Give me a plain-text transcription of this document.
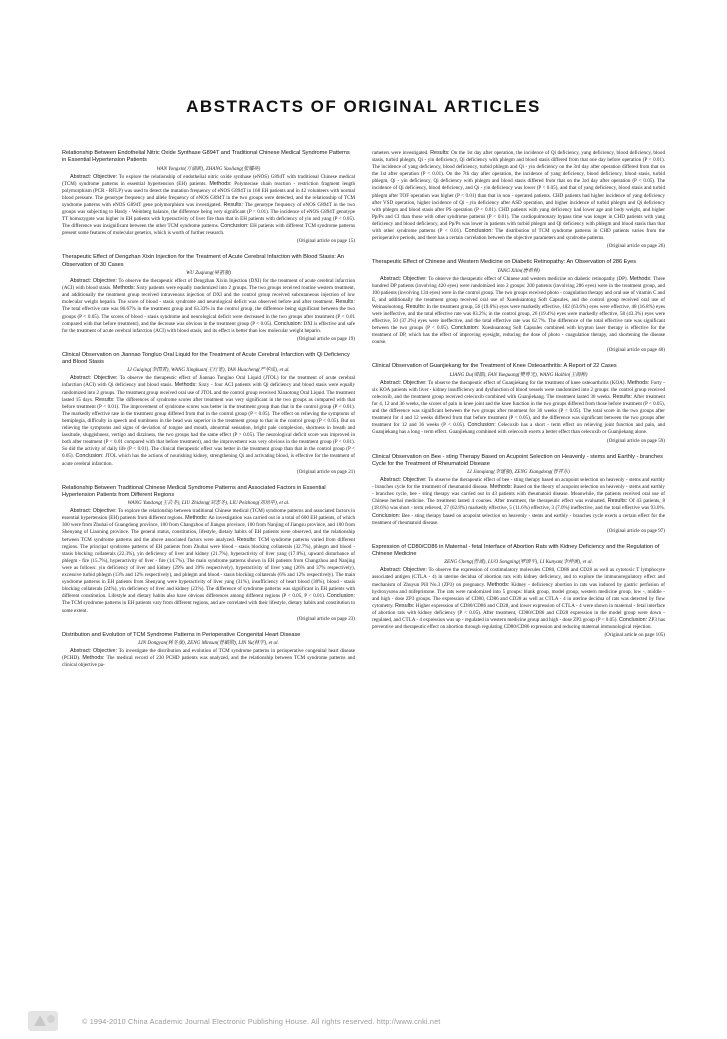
ABSTRACTS OF ORIGINAL ARTICLES
Relationship Between Endothelial Nitric Oxide Synthase G894T and Traditional Chinese Medical Syndrome Patterns in Essential Hypertension Patients
WAN Yongxin(万涌新), ZHANG Yaoliang(张耀亮)

Abstract: Objective: To explore the relationship of endothelial nitric oxide synthase (eNOS) G894T with traditional Chinese medical (TCM) syndrome patterns in essential hypertension (EH) patients. Methods: Polymerase chain reaction - restriction fragment length polymorphism (PCR - RFLP) was used to detect the mutation frequency of eNOS G894T in 168 EH patients and in 42 volunteers with normal blood pressure. The genotype frequency and allele frequency of eNOS G894T in the two groups were detected, and the relationship of TCM syndrome patterns with eNOS G894T gene polymorphism was investigated. Results: The genotype frequency of eNOS G894T in the two groups was subjecting to Hardy - Weinberg balance, the difference being very significant (P < 0.01). The incidence of eNOS G894T genotype TT homozygote was higher in EH patients with hyperactivity of liver fire than that in EH patients with deficiency of yin and yang (P < 0.05). The difference was insignificant between the other TCM syndrome patterns. Conclusion: EH patients with different TCM syndrome patterns present some features of molecular genetics, which is worth of further research.

(Original article on page 15)
Therapeutic Effect of Dengzhan Xixin Injection for the Treatment of Acute Cerebral Infarction with Blood Stasis: An Observation of 30 Cases
WU Zuqiang(吴祖强)

Abstract: Objective: To observe the therapeutic effect of Dengzhan Xixin Injection (DXI) for the treatment of acute cerebral infarction (ACI) with blood stasis. Methods: Sixty patients were equally randomized into 2 groups. The two groups received routine western treatment, and additionally the treatment group received intravenous injection of DXI and the control group received subcutaneous injection of low molecular weight heparin. The score of blood - stasis syndrome and neurological deficit was observed before and after treatment. Results: The total effective rate was 86.67% in the treatment group and 63.33% in the control group, the difference being significant between the two groups (P < 0.05). The scores of blood - stasis syndrome and neurological deficit were decreased in the two groups after treatment (P < 0.01 compared with that before treatment), and the decrease was obvious in the treatment group (P < 0.05). Conclusion: DXI is effective and safe for the treatment of acute cerebral infarction (ACI) with blood stasis, and its effect is better than low molecular weight heparin.

(Original article on page 19)
Clinical Observation on Jiannao Tongluo Oral Liquid for the Treatment of Acute Cerebral Infarction with Qi Deficiency and Blood Stasis
LI Guiqing(李国青), WANG Xingkuan(王行宽), YAN Huacheng(严华成), et al.

Abstract: Objective: To observe the therapeutic effect of Jiannao Tongluo Oral Liquid (JTOL) for the treatment of acute cerebral infarction (ACI) with Qi deficiency and blood stasis. Methods: Sixty - four ACI patients with Qi deficiency and blood stasis were equally randomized into 2 groups. The treatment group received oral use of JTOL and the control group received Xinaotong Oral Liquid. The treatment lasted 15 days. Results: The differences of syndrome scores after treatment was very significant in the two groups as compared with that before treatment (P < 0.01). The improvement of syndrome scores was better in the treatment group than that in the control group (P < 0.01). The markedly effective rate in the treatment group differed from that in the control group (P < 0.05). The effect on relieving the symptoms of hemiplegia, difficulty in speech and numbness in the head was superior in the treatment group to that in the control group (P < 0.05). But on relieving the symptoms and signs of deviation of tongue and mouth, abnormal sensation, bright pale complexion, shortness in breath and lassitude, sluggishness, vertigo and dizziness, the two groups had the same effect (P > 0.05). The neurological deficit score was improved in both after treatment (P < 0.01 compared with that before treatment), and the improvement was very obvious in the treatment group (P < 0.01). So did the activity of daily life (P < 0.01). The clinical therapeutic effect was better in the treatment group than that in the control group (P < 0.05). Conclusion: JTOL which has the actions of nourishing kidney, strengthening Qi and activating blood, is effective for the treatment of acute cerebral infarction.

(Original article on page 21)
Relationship Between Traditional Chinese Medical Syndrome Patterns and Associated Factors in Essential Hypertension Patients from Different Regions
WANG Yundong(王芸冬), LIU Zhidong(刘志冬), LIU Peizhong(刘培中), et al.

Abstract: Objective: To explore the relationship between traditional Chinese medical (TCM) syndrome patterns and associated factors in essential hypertension (EH) patients from different regions. Methods: An investigation was carried out in a total of 600 EH patients, of which 300 were from Zhuhai of Guangdong province, 100 from Changzhou of Jiangsu province, 100 from Nanjing of Jiangsu province, and 100 from Shenyang of Liaoning province. The general status, constitution, lifestyle, dietary habits of EH patients were observed, and the relationship between TCM syndrome patterns and the above associated factors were analyzed. Results: TCM syndrome patterns varied from different regions. The principal syndrome patterns of EH patients from Zhuhai were blood - stasis blocking collaterals (32.7%), phlegm and blood - stasis blocking collaterals (22.3%), yin deficiency of liver and kidney (21.7%), hyperactivity of liver yang (17.0%), upward disturbance of phlegm - fire (15.7%), hyperactivity of liver - fire (14.7%). The main syndrome patterns shown in EH patients from Changzhou and Nanjing were as follows: yin deficiency of liver and kidney (29% and 39% respectively), hyperactivity of liver yang (26% and 37% respectively), excessive turbid phlegm (13% and 12% respectively), and phlegm and blood - stasis blocking collaterals (6% and 12% respectively). The main syndrome patterns in EH patients from Shenyang were hyperactivity of liver yang (31%), insufficiency of heart blood (30%), blood - stasis blocking collaterals (24%), yin deficiency of liver and kidney (23%). The difference of syndrome patterns was significant in EH patients with different constitution. Lifestyle and dietary habits also have obvious differences among different regions (P < 0.05, P < 0.01). Conclusion: The TCM syndrome patterns in EH patients vary from different regions, and are correlated with their lifestyle, dietary habits and constitution to some extent.

(Original article on page 23)
Distribution and Evolution of TCM Syndrome Patterns in Perioperative Congenital Heart Disease
LIN Dongyan(林冬彦), ZENG Minxun(曾敏勋), LIN Yu(林宇), et al.

Abstract: Objective: To investigate the distribution and evolution of TCM syndrome patterns in perioperative congenital heart disease (PCHD). Methods: The medical record of 230 PCHD patients was analyzed, and the relationship between TCM syndrome patterns and clinical objective pa-

rameters were investigated. Results: On the 1st day after operation, the incidence of Qi deficiency, yang deficiency, blood deficiency, blood stasis, turbid phlegm, Qi - yin deficiency, Qi deficiency with phlegm and blood stasis differed from that one day before operation (P < 0.01). The incidence of yang deficiency, blood deficiency, turbid phlegm and Qi - yin deficiency on the 3rd day after operation differed from that on the 1st after operation (P < 0.01). On the 7th day after operation, the incidence of yang deficiency, blood deficiency, blood stasis, turbid phlegm, Qi - yin deficiency, Qi deficiency with phlegm and blood stasis differed from that on the 3rd day after operation (P < 0.05). The incidence of Qi deficiency, blood deficiency, and Qi - yin deficiency was lower (P < 0.05), and that of yang deficiency, blood stasis and turbid phlegm after TOF operation was higher (P < 0.01) than that in non - operated patients. CHD patients had higher incidence of yang deficiency after VSD operation, higher incidence of Qi - yin deficiency after ASD operation, and higher incidence of turbid phlegm and Qi deficiency with phlegm and blood stasis after PS operation (P < 0.01). CHD patients with yang deficiency had lower age and body weight, and higher Pp/Ps and CI than those with other syndrome patterns (P < 0.01). The cardiopulmonary bypass time was longer in CHD patients with yang deficiency and blood deficiency, and Pp/Ps was lower in patients with turbid phlegm and Qi deficiency with phlegm and blood stasis than that with other syndrome patterns (P < 0.01). Conclusion: The distribution of TCM syndrome patterns in CHD patients varies from the perioperative periods, and there has a certain correlation between the objective parameters and syndrome patterns.

(Original article on page 26)
Therapeutic Effect of Chinese and Western Medicine on Diabetic Retinopathy: An Observation of 286 Eyes
TANG Xilin(唐希林)

Abstract: Objective: To observe the therapeutic effect of Chinese and western medicine on diabetic retinopathy (DP). Methods: Three hundred DP patients (involving 420 eyes) were randomized into 2 groups: 200 patients (involving 286 eyes) were in the treatment group, and 100 patients (involving 134 eyes) were in the control group. The two groups received photo - coagulation therapy and oral use of vitamin C and E, and additionally the treatment group received oral use of Xueshuantong Soft Capsules, and the control group received oral use of Weinaoluotong. Results: In the treatment group, 56 (19.6%) eyes were markedly effective, 182 (63.6%) eyes were effective, 48 (16.8%) eyes were ineffective, and the total effective rate was 83.2%; in the control group, 26 (19.4%) eyes were markedly effective, 58 (43.3%) eyes were effective, 50 (37.3%) eyes were ineffective, and the total effective rate was 62.7%. The difference of the total effective rate was significant between the two groups (P < 0.05). Conclusion: Xueshuantong Soft Capsules combined with krypton laser therapy is effective for the treatment of DP, which has the effect of improving eyesight, reducing the dose of photo - coagulation therapy, and shortening the disease course.

(Original article on page 40)
Clinical Observation of Guanjiekang for the Treatment of Knee Osteoarthritis: A Report of 22 Cases
LIANG Du(梁都), FAN Yueguang(樊粤光), WANG Haibin(王海彬)

Abstract: Objective: To observe the therapeutic effect of Guanjiekang for the treatment of knee osteoarthritis (KOA). Methods: Forty - six KOA patients with liver - kidney insufficiency and dysfunction of blood vessels were randomized into 2 groups: the control group received celecoxib, and the treatment group received celecoxib combined with Guanjiekang. The treatment lasted 36 weeks. Results: After treatment for 4, 12 and 36 weeks, the scores of pain in knee joint and the knee function in the two groups differed from those before treatment (P < 0.05), and the difference was significant between the two groups after treatment for 36 weeks (P < 0.05). The total score in the two groups after treatment for 4 and 12 weeks differed from that before treatment (P < 0.05), and the difference was significant between the two groups after treatment for 12 and 36 weeks (P < 0.05). Conclusion: Celecoxib has a short - term effect on relieving joint function and pain, and Guanjiekang has a long - term effect. Guanjiekang combined with celecoxib exerts a better effect than celecoxib or Guanjiekang alone.

(Original article on page 59)
Clinical Observation on Bee - sting Therapy Based on Acupoint Selection on Heavenly - stems and Earthly - branches Cycle for the Treatment of Rheumatoid Disease
LI Jianqiang(李建强), ZENG Xiangdong(曾祥东)

Abstract: Objective: To observe the therapeutic effect of bee - sting therapy based on acupoint selection on heavenly - stems and earthly - branches cycle for the treatment of rheumatoid disease. Methods: Based on the theory of acupoint selection on heavenly - stems and earthly - branches cycle, bee - sting therapy was carried out in 43 patients with rheumatoid disease. Meanwhile, the patients received oral use of Chinese herbal medicine. The treatment lasted 4 courses. After treatment, the therapeutic effect was evaluated. Results: Of 43 patients, 8 (18.6%) was short - term relieved, 27 (62.8%) markedly effective, 5 (11.6%) effective, 3 (7.0%) ineffective, and the total effective was 93.0%. Conclusion: Bee - sting therapy based on acupoint selection on heavenly - stems and earthly - branches cycle exerts a certain effect for the treatment of rheumatoid disease.

(Original article on page 97)
Expression of CD80/CD86 in Maternal - fetal Interface of Abortion Rats with Kidney Deficiency and the Regulation of Chinese Medicine
ZENG Cheng(曾诚), LUO Songping(罗颂平), LI Kunyan(李坤寅), et al.

Abstract: Objective: To observe the expression of costimulatory molecules CD80, CD86 and CD28 as well as cytotoxic T lymphocyte associated antigen (CTLA - 4) in uterine decidua of abortion rats with kidney deficiency, and to explore the immunoregulatory effect and mechanism of Zhuyun Pill No.3 (ZP3) on pregnancy. Methods: Kidney - deficiency abortion in rats was induced by gastric perfusion of hydroxyurea and mifepristone. The rats were randomized into 5 groups: blank group, model group, western medicine group, low -, middle - and high - dose ZP3 groups. The expression of CD80, CD86 and CD28 as well as CTLA - 4 in uterine decidua of rats was detected by flow cytometry. Results: Higher expression of CD80/CD86 and CD28, and lower expression of CTLA - 4 were shown in maternal - fetal interface of abortion rats with kidney deficiency (P < 0.05). After treatment, CD80/CD86 and CD28 expression in the model group were down - regulated, and CTLA - 4 expression was up - regulated in western medicine group and high - dose ZP3 group (P < 0.05). Conclusion: ZP3 has preventive and therapeutic effect on abortion through regulating CD80/CD86 expression and reducing maternal immunological rejection.

(Original article on page 105)
© 1994-2010 China Academic Journal Electronic Publishing House. All rights reserved. http://www.cnki.net
